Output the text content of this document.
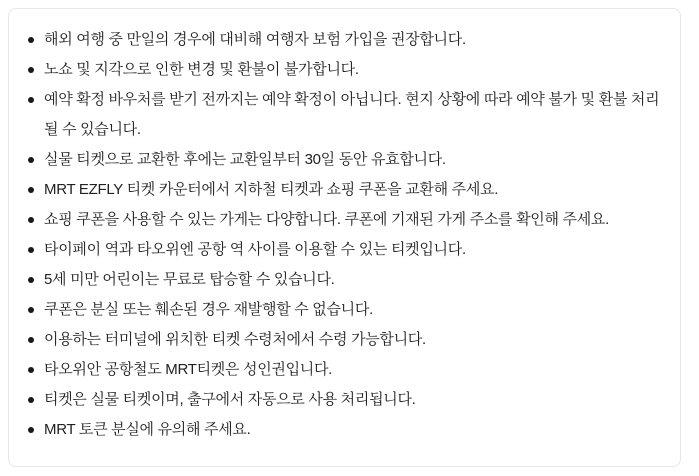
해외 여행 중 만일의 경우에 대비해 여행자 보험 가입을 권장합니다.
노쇼 및 지각으로 인한 변경 및 환불이 불가합니다.
예약 확정 바우처를 받기 전까지는 예약 확정이 아닙니다. 현지 상황에 따라 예약 불가 및 환불 처리될 수 있습니다.
실물 티켓으로 교환한 후에는 교환일부터 30일 동안 유효합니다.
MRT EZFLY 티켓 카운터에서 지하철 티켓과 쇼핑 쿠폰을 교환해 주세요.
쇼핑 쿠폰을 사용할 수 있는 가게는 다양합니다. 쿠폰에 기재된 가게 주소를 확인해 주세요.
타이페이 역과 타오위엔 공항 역 사이를 이용할 수 있는 티켓입니다.
5세 미만 어린이는 무료로 탑승할 수 있습니다.
쿠폰은 분실 또는 훼손된 경우 재발행할 수 없습니다.
이용하는 터미널에 위치한 티켓 수령처에서 수령 가능합니다.
타오위안 공항철도 MRT티켓은 성인권입니다.
티켓은 실물 티켓이며, 출구에서 자동으로 사용 처리됩니다.
MRT 토큰 분실에 유의해 주세요.
